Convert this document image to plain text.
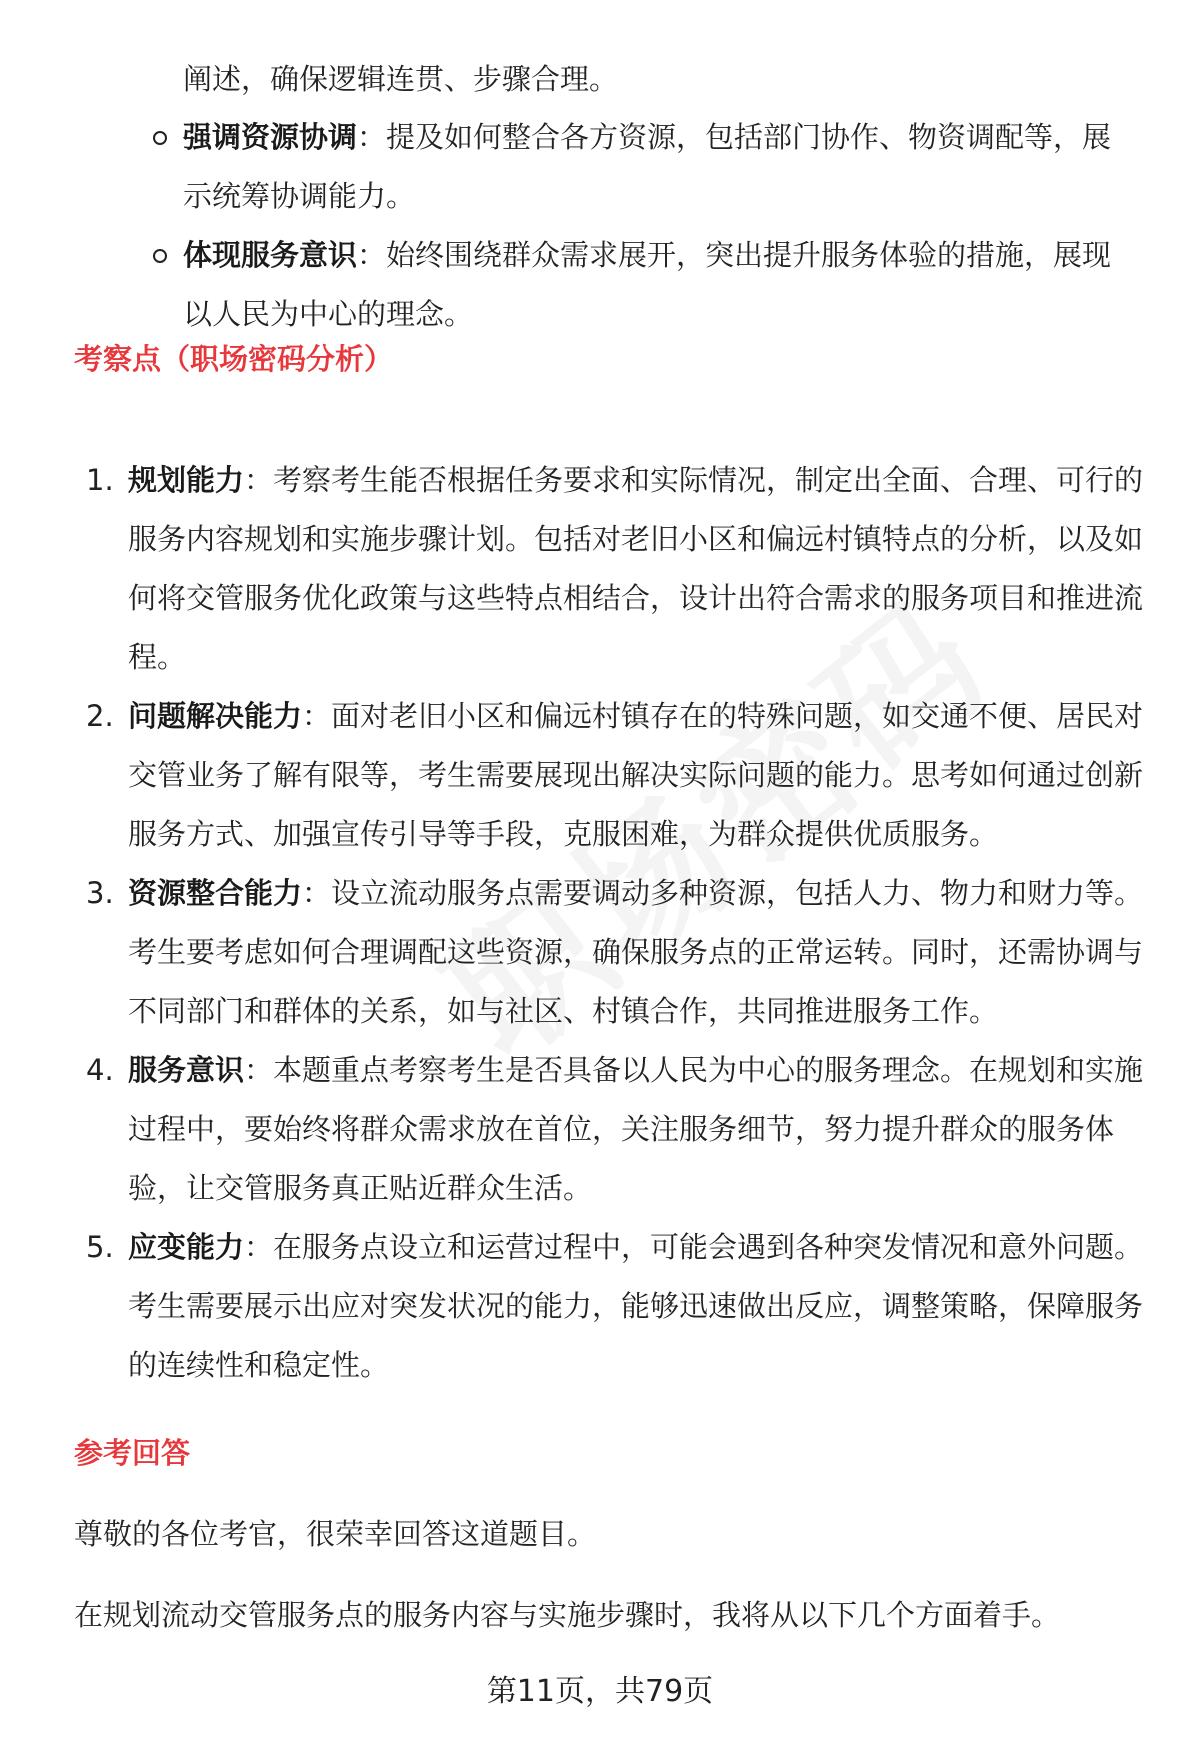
阐述，确保逻辑连贯、步骤合理。
强调资源协调：提及如何整合各方资源，包括部门协作、物资调配等，展示统筹协调能力。
体现服务意识：始终围绕群众需求展开，突出提升服务体验的措施，展现以人民为中心的理念。
考察点（职场密码分析）
1. 规划能力：考察考生能否根据任务要求和实际情况，制定出全面、合理、可行的服务内容规划和实施步骤计划。包括对老旧小区和偏远村镇特点的分析，以及如何将交管服务优化政策与这些特点相结合，设计出符合需求的服务项目和推进流程。
2. 问题解决能力：面对老旧小区和偏远村镇存在的特殊问题，如交通不便、居民对交管业务了解有限等，考生需要展现出解决实际问题的能力。思考如何通过创新服务方式、加强宣传引导等手段，克服困难，为群众提供优质服务。
3. 资源整合能力：设立流动服务点需要调动多种资源，包括人力、物力和财力等。考生要考虑如何合理调配这些资源，确保服务点的正常运转。同时，还需协调与不同部门和群体的关系，如与社区、村镇合作，共同推进服务工作。
4. 服务意识：本题重点考察考生是否具备以人民为中心的服务理念。在规划和实施过程中，要始终将群众需求放在首位，关注服务细节，努力提升群众的服务体验，让交管服务真正贴近群众生活。
5. 应变能力：在服务点设立和运营过程中，可能会遇到各种突发情况和意外问题。考生需要展示出应对突发状况的能力，能够迅速做出反应，调整策略，保障服务的连续性和稳定性。
参考回答
尊敬的各位考官，很荣幸回答这道题目。
在规划流动交管服务点的服务内容与实施步骤时，我将从以下几个方面着手。
第11页，共79页
